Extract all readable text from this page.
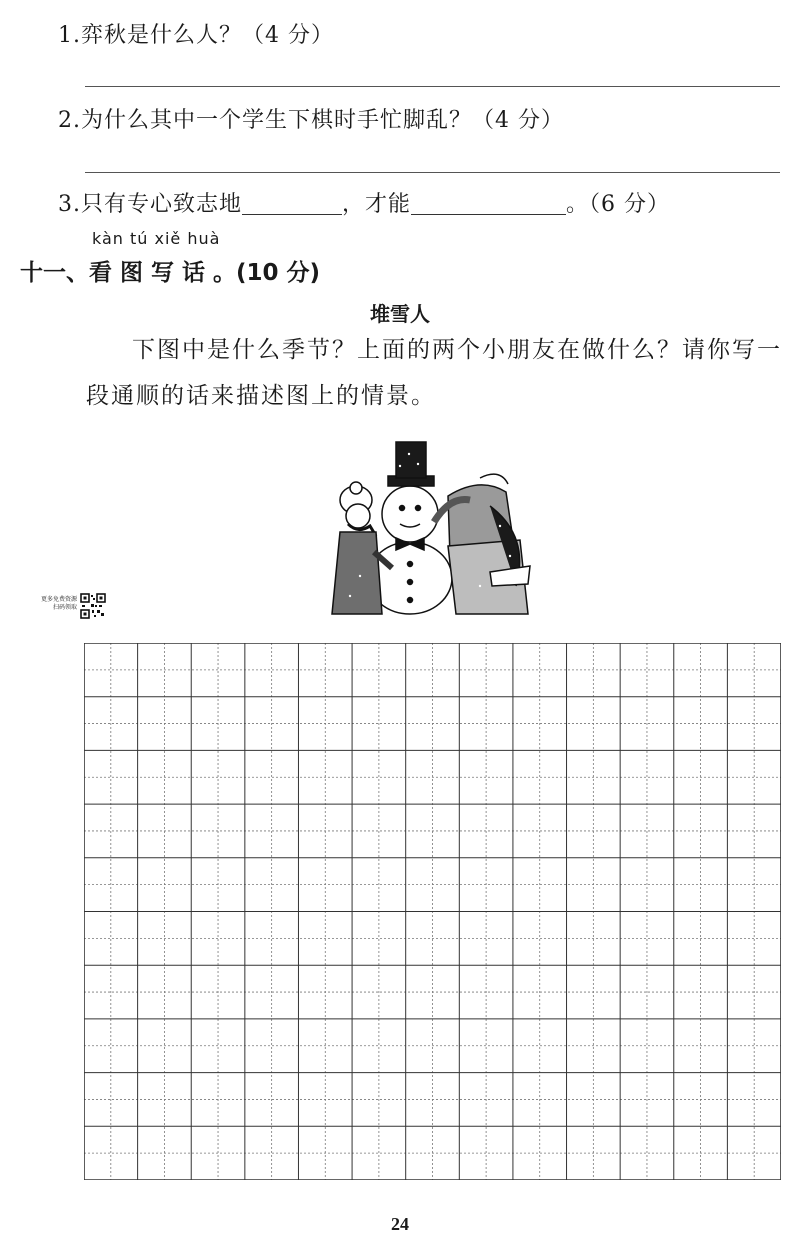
1.弈秋是什么人？（4 分）
2.为什么其中一个学生下棋时手忙脚乱？（4 分）
3.只有专心致志地	，才能	。（6 分）
kàn tú xiě huà
十一、看 图 写 话 。(10 分)
堆雪人
下图中是什么季节？上面的两个小朋友在做什么？请你写一段通顺的话来描述图上的情景。
更多免费资源
扫码领取
24
